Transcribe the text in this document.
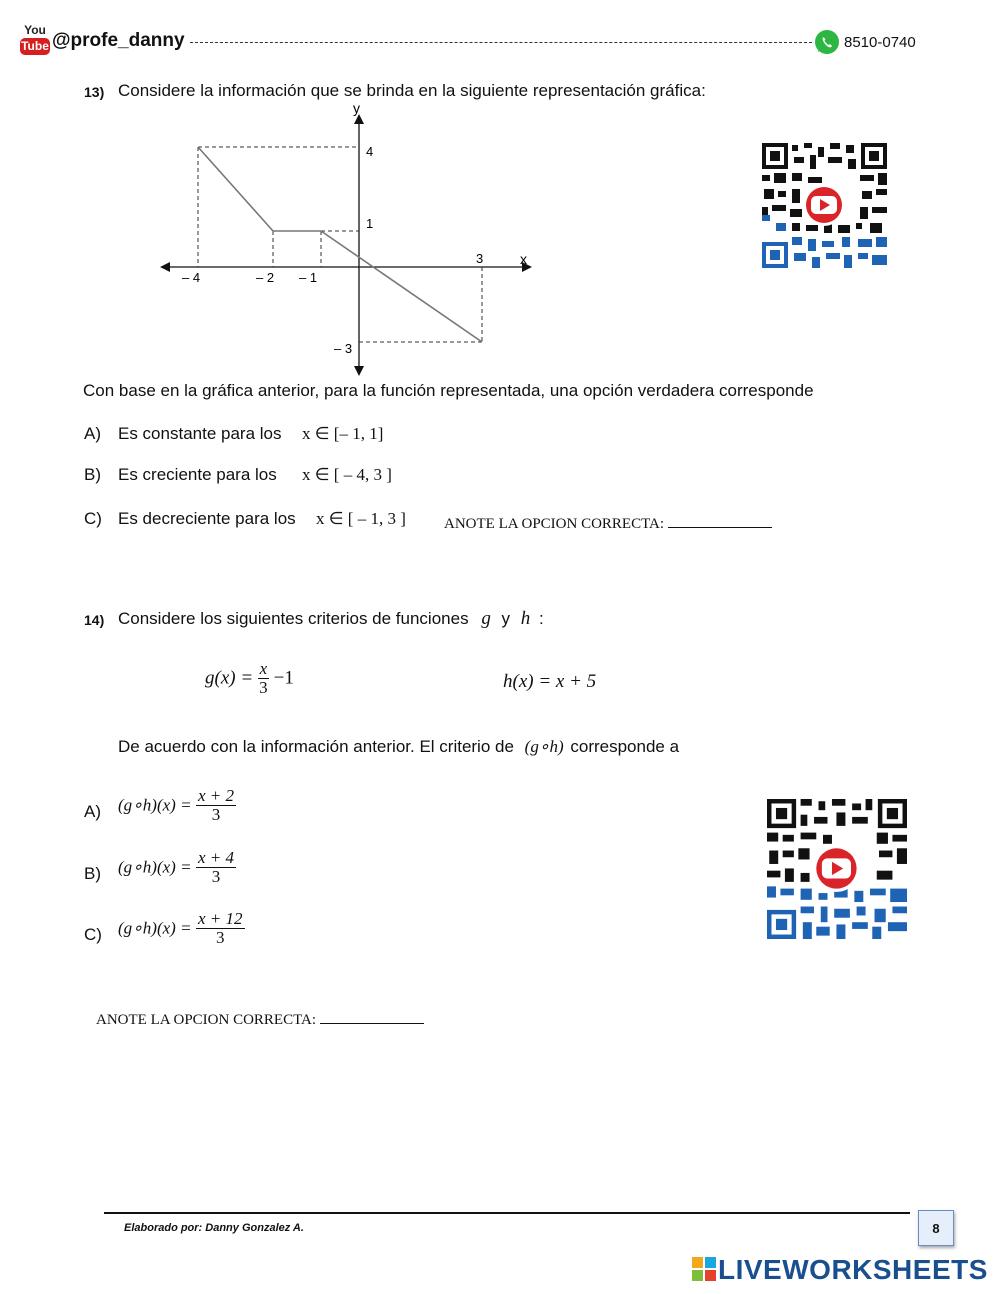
You
Tube @profe_danny	8510-0740
13) Considere la información que se brinda en la siguiente representación gráfica:
x
y
– 4	– 2 – 1
3
4
1
– 3
Con base en la gráfica anterior, para la función representada, una opción verdadera corresponde
A) Es constante para los x ∈ [– 1, 1]
B) Es creciente para los x ∈ [ – 4, 3 ]
C) Es decreciente para los x ∈ [ – 1, 3 ]	ANOTE LA OPCION CORRECTA:
14) Considere los siguientes criterios de funciones g y h :
$g(x) = \frac{x}{3} -1$	h(x) = x + 5
De acuerdo con la información anterior. El criterio de (g∘h) corresponde a
A) (g∘h)(x) = $\frac{x + 2}{3}$
B) (g∘h)(x) = $\frac{x + 4}{3}$
C) (g∘h)(x) = $\frac{x + 12}{3}$
ANOTE LA OPCION CORRECTA:
Elaborado por: Danny Gonzalez A.	8
LIVEWORKSHEETS
